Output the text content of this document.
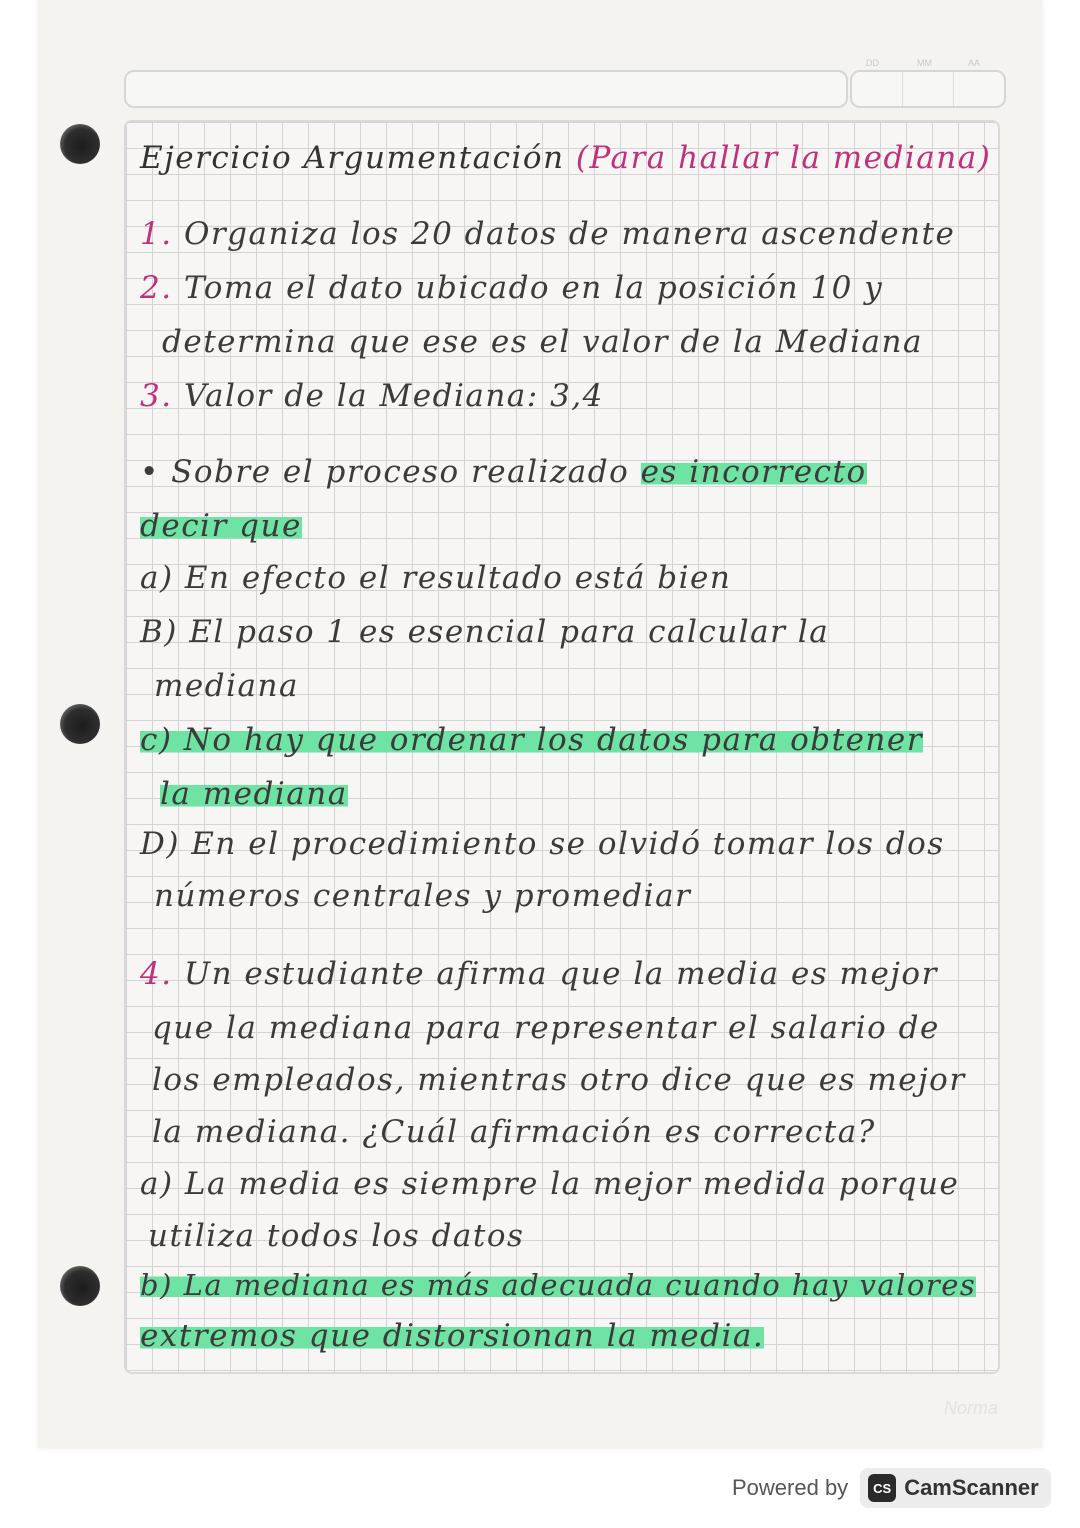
DD	MM	AA
Ejercicio Argumentación (Para hallar la mediana)
1. Organiza los 20 datos de manera ascendente
2. Toma el dato ubicado en la posición 10 y
determina que ese es el valor de la Mediana
3. Valor de la Mediana: 3,4
• Sobre el proceso realizado es incorrecto
decir que
a) En efecto el resultado está bien
B) El paso 1 es esencial para calcular la
mediana
c) No hay que ordenar los datos para obtener
la mediana
D) En el procedimiento se olvidó tomar los dos
números centrales y promediar
4. Un estudiante afirma que la media es mejor
que la mediana para representar el salario de
los empleados, mientras otro dice que es mejor
la mediana. ¿Cuál afirmación es correcta?
a) La media es siempre la mejor medida porque
utiliza todos los datos
b) La mediana es más adecuada cuando hay valores
extremos que distorsionan la media.
Norma
Powered by	CS CamScanner
